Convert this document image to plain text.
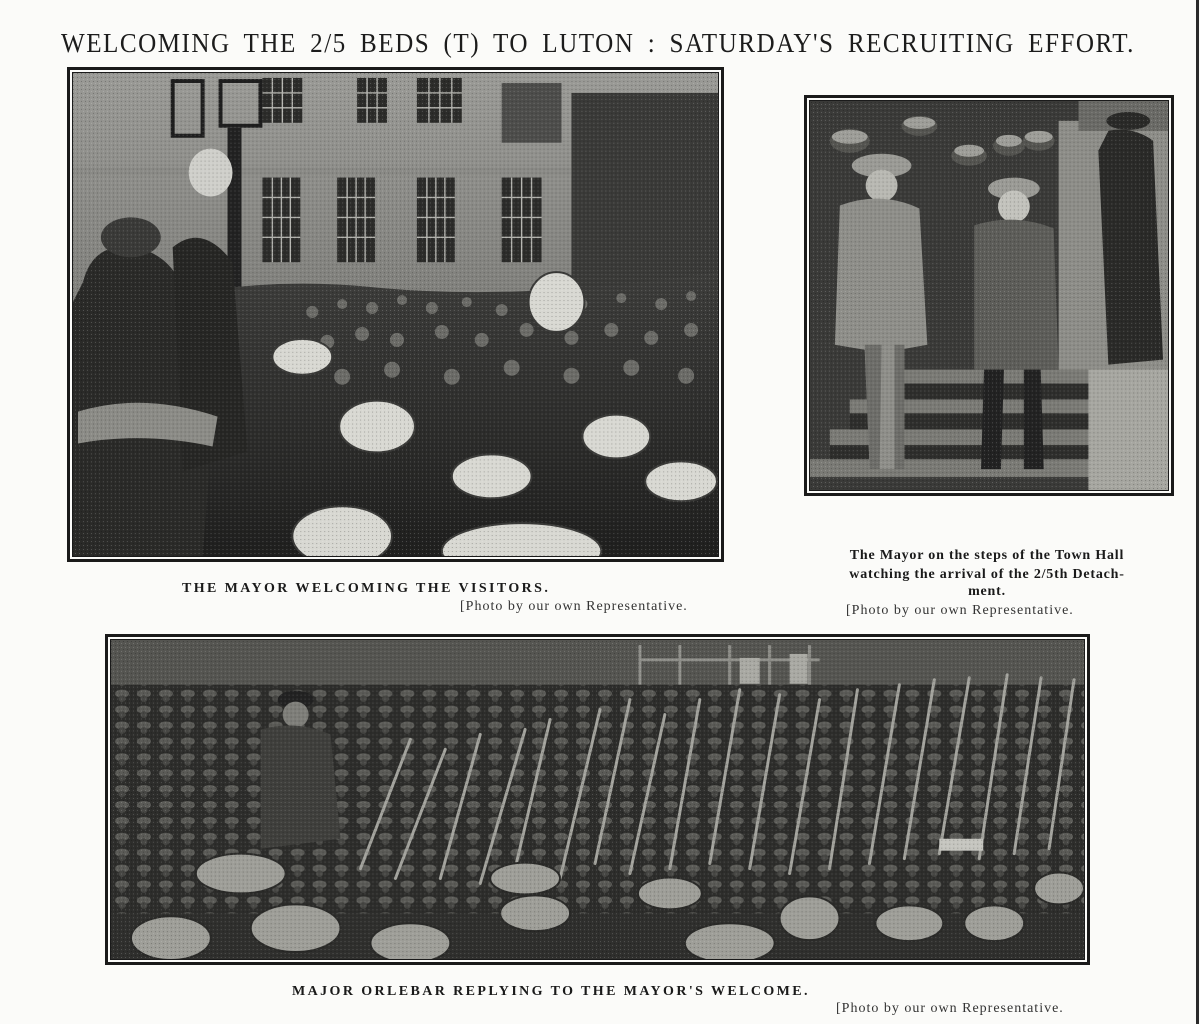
WELCOMING THE 2/5 BEDS (T) TO LUTON : SATURDAY'S RECRUITING EFFORT.
THE MAYOR WELCOMING THE VISITORS.
[Photo by our own Representative.
The Mayor on the steps of the Town Hall
watching the arrival of the 2/5th Detach-
ment.
[Photo by our own Representative.
MAJOR ORLEBAR REPLYING TO THE MAYOR'S WELCOME.
[Photo by our own Representative.
